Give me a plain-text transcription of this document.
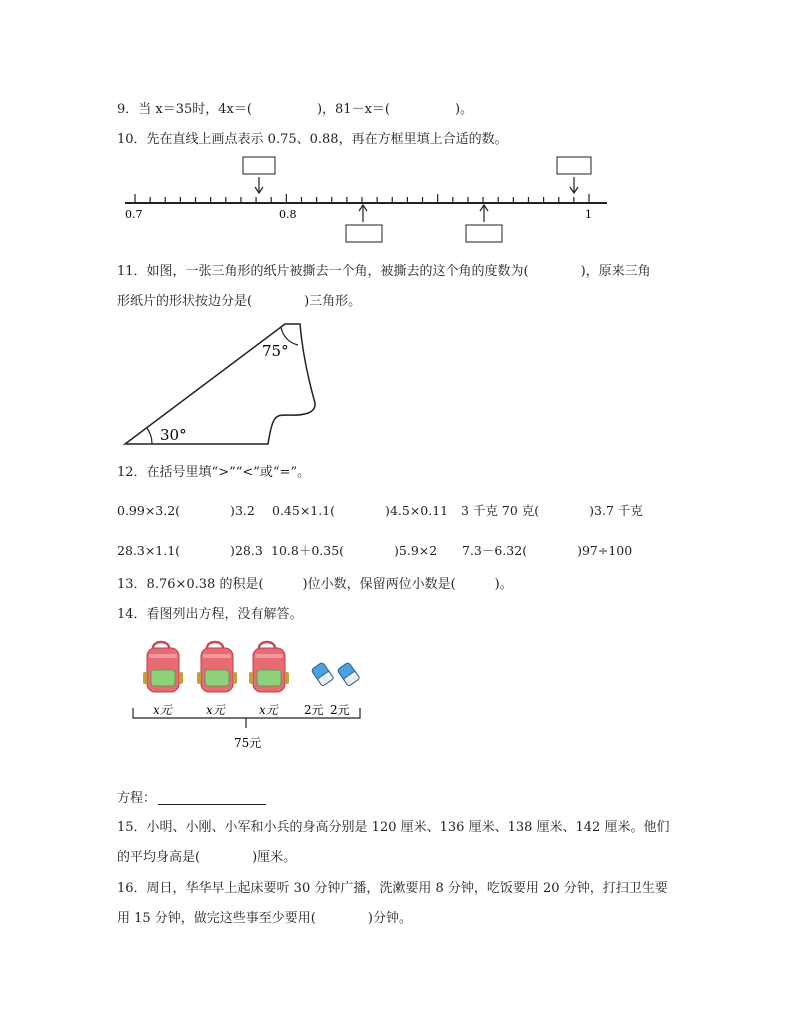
9．当 x＝35时，4x＝(　　　　　)，81－x＝(　　　　　)。
10．先在直线上画点表示 0.75、0.88，再在方框里填上合适的数。
0.7	0.8	1
11．如图，一张三角形的纸片被撕去一个角，被撕去的这个角的度数为(　　　　)，原来三角
形纸片的形状按边分是(　　　　)三角形。
75°
30°
12．在括号里填“>”“<”或“=”。
0.99×3.2(　　　　)3.2 0.45×1.1(　　　　)4.5×0.11 3 千克 70 克(　　　　)3.7 千克
28.3×1.1(　　　　)28.3 10.8＋0.35(　　　　)5.9×2 7.3－6.32(　　　　)97÷100
13．8.76×0.38 的积是(　　　)位小数，保留两位小数是(　　　)。
14．看图列出方程，没有解答。
x元	x元	x元 2元 2元
75元
方程：
15．小明、小刚、小军和小兵的身高分别是 120 厘米、136 厘米、138 厘米、142 厘米。他们
的平均身高是(　　　　)厘米。
16．周日，华华早上起床要听 30 分钟广播，洗漱要用 8 分钟，吃饭要用 20 分钟，打扫卫生要
用 15 分钟，做完这些事至少要用(　　　　)分钟。
